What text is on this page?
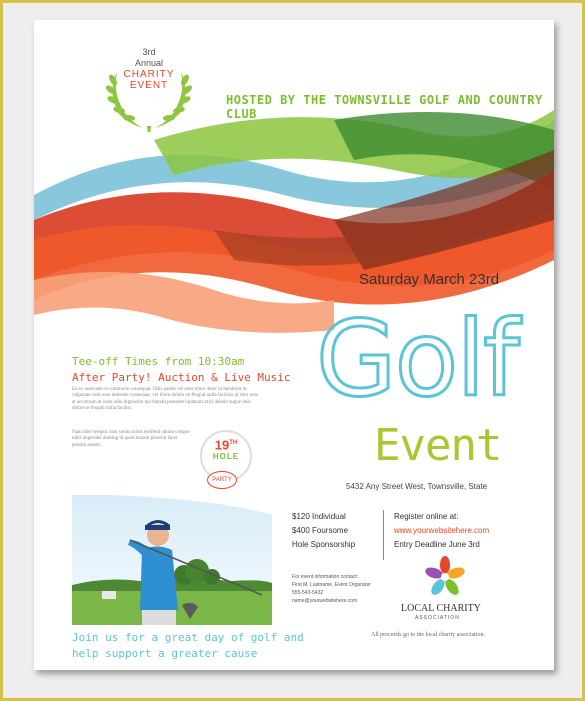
3rd
Annual
CHARITY
EVENT
HOSTED BY THE TOWNSVILLE GOLF AND COUNTRY CLUB
Saturday March 23rd
Golf
Event
5432 Any Street West, Townsville, State
Tee-off Times from 10:30am
After Party! Auction & Live Music
Ea ex noncuem ut commodo consequat. Duis autem vel eum iriure dolor in hendrerit in vulputate velit esse molestie consequat, vel illum dolore eu feugiat nulla facilisis at vero eros et accumsan et iusto odio dignissim qui blandit praesent luptatum zzril delenit augue duis dolore te feugait nulla facilisi.
Nam liber tempor cum soluta nobis eleifend option congue nihil imperdiet doming id quod mazim placerat facer possim assum.	19TH
HOLE
PARTY
Join us for a great day of golf and
help support a greater cause
$120 Individual
$400 Foursome
Hole Sponsorship
Register online at:
www.yourwebsitehere.com
Entry Deadline June 3rd
For event information contact:
First M. Lastname, Event Organizer
555-543-5432
name@yourwebsitehere.com
LOCAL CHARITY
ASSOCIATION
All proceeds go to the local charity association.
